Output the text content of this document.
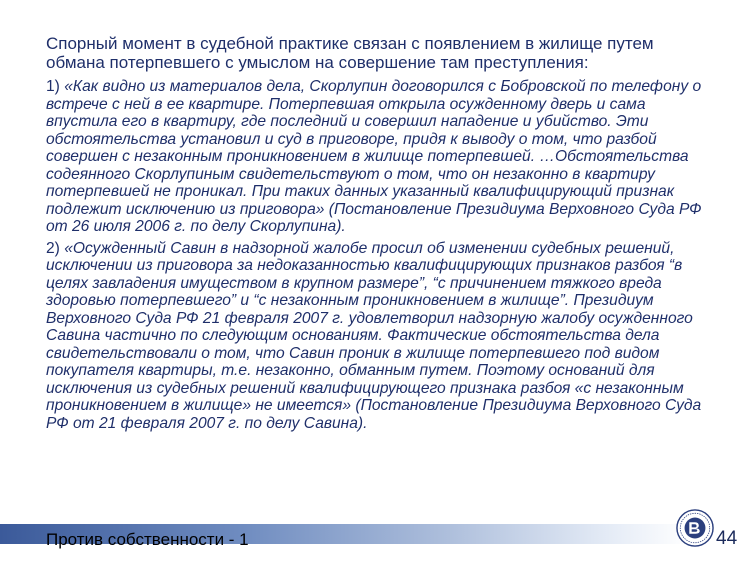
Спорный момент в судебной практике связан с появлением в жилище путем обмана потерпевшего с умыслом на совершение там преступления:

1) «Как видно из материалов дела, Скорлупин договорился с Бобровской по телефону о встрече с ней в ее квартире. Потерпевшая открыла осужденному дверь и сама впустила его в квартиру, где последний и совершил нападение и убийство. Эти обстоятельства установил и суд в приговоре, придя к выводу о том, что разбой совершен с незаконным проникновением в жилище потерпевшей. …Обстоятельства содеянного Скорлупиным свидетельствуют о том, что он незаконно в квартиру потерпевшей не проникал. При таких данных указанный квалифицирующий признак подлежит исключению из приговора» (Постановление Президиума Верховного Суда РФ от 26 июля 2006 г. по делу Скорлупина).

2) «Осужденный Савин в надзорной жалобе просил об изменении судебных решений, исключении из приговора за недоказанностью квалифицирующих признаков разбоя “в целях завладения имуществом в крупном размере”, “с причинением тяжкого вреда здоровью потерпевшего” и “с незаконным проникновением в жилище”. Президиум Верховного Суда РФ 21 февраля 2007 г. удовлетворил надзорную жалобу осужденного Савина частично по следующим основаниям. Фактические обстоятельства дела свидетельствовали о том, что Савин проник в жилище потерпевшего под видом покупателя квартиры, т.е. незаконно, обманным путем. Поэтому оснований для исключения из судебных решений квалифицирующего признака разбоя «с незаконным проникновением в жилище» не имеется» (Постановление Президиума Верховного Суда РФ от 21 февраля 2007 г. по делу Савина).

Против собственности - 1	44
